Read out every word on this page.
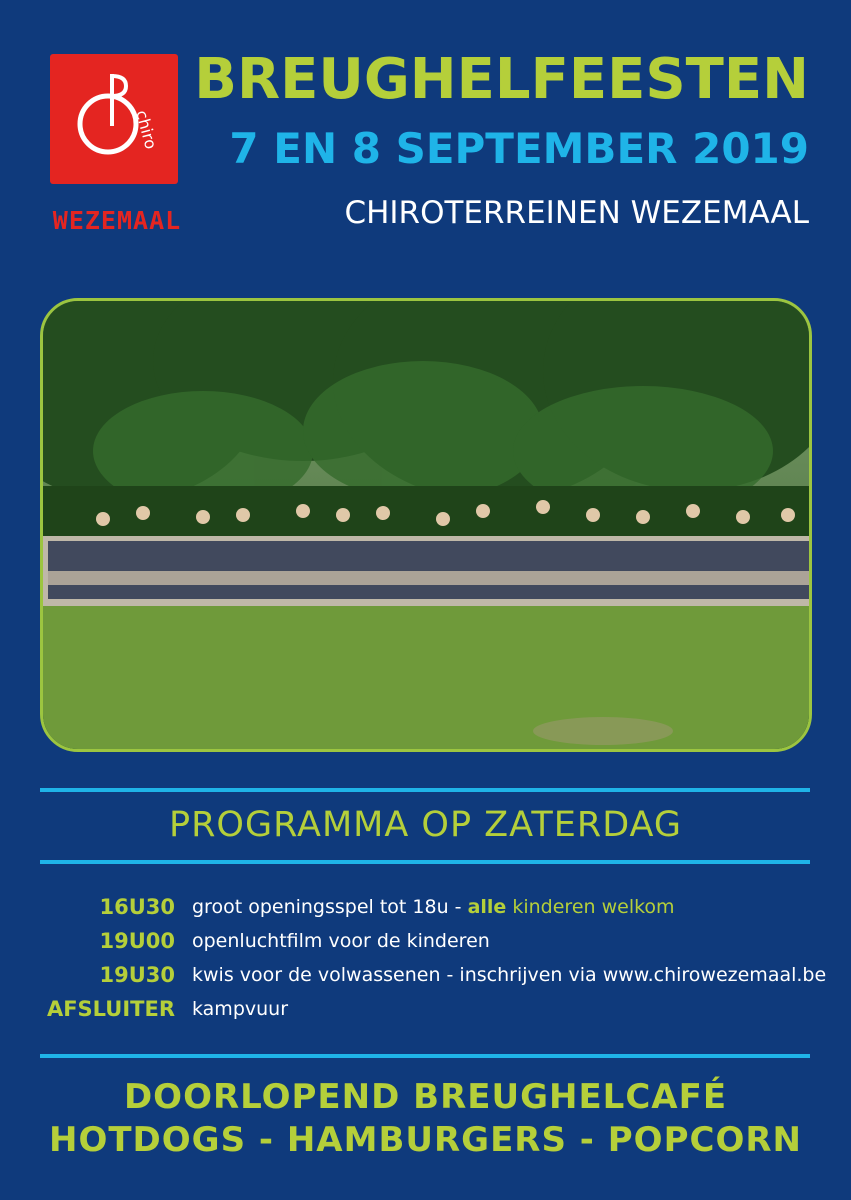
chiro
WEZEMAAL
BREUGHELFEESTEN
7 EN 8 SEPTEMBER 2019
CHIROTERREINEN WEZEMAAL
PROGRAMMA OP ZATERDAG
16U30 groot openingsspel tot 18u - alle kinderen welkom
19U00 openluchtfilm voor de kinderen
19U30 kwis voor de volwassenen - inschrijven via www.chirowezemaal.be
AFSLUITER kampvuur
DOORLOPEND BREUGHELCAFÉ
HOTDOGS - HAMBURGERS - POPCORN
